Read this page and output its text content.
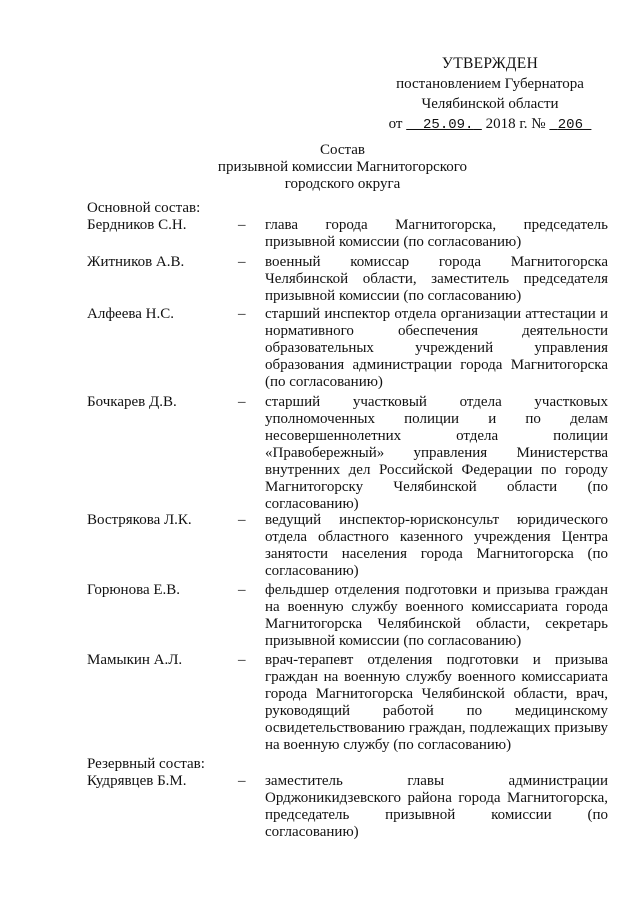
УТВЕРЖДЕН
постановлением Губернатора
Челябинской области
от 25.09. 2018 г. № 206
Состав
призывной комиссии Магнитогорского
городского округа
Основной состав:
Бердников С.Н.	– глава города Магнитогорска, председатель призывной комиссии (по согласованию)
Житников А.В.	– военный комиссар города Магнитогорска Челябинской области, заместитель председателя призывной комиссии (по согласованию)
Алфеева Н.С.	– старший инспектор отдела организации аттестации и нормативного обеспечения деятельности образовательных учреждений управления образования администрации города Магнитогорска (по согласованию)
Бочкарев Д.В.	– старший участковый отдела участковых уполномоченных полиции и по делам несовершеннолетних отдела полиции «Правобережный» управления Министерства внутренних дел Российской Федерации по городу Магнитогорску Челябинской области (по согласованию)
Вострякова Л.К.	– ведущий инспектор-юрисконсульт юридического отдела областного казенного учреждения Центра занятости населения города Магнитогорска (по согласованию)
Горюнова Е.В.	– фельдшер отделения подготовки и призыва граждан на военную службу военного комиссариата города Магнитогорска Челябинской области, секретарь призывной комиссии (по согласованию)
Мамыкин А.Л.	– врач-терапевт отделения подготовки и призыва граждан на военную службу военного комиссариата города Магнитогорска Челябинской области, врач, руководящий работой по медицинскому освидетельствованию граждан, подлежащих призыву на военную службу (по согласованию)
Резервный состав:
Кудрявцев Б.М.	– заместитель главы администрации Орджоникидзевского района города Магнитогорска, председатель призывной комиссии (по согласованию)
